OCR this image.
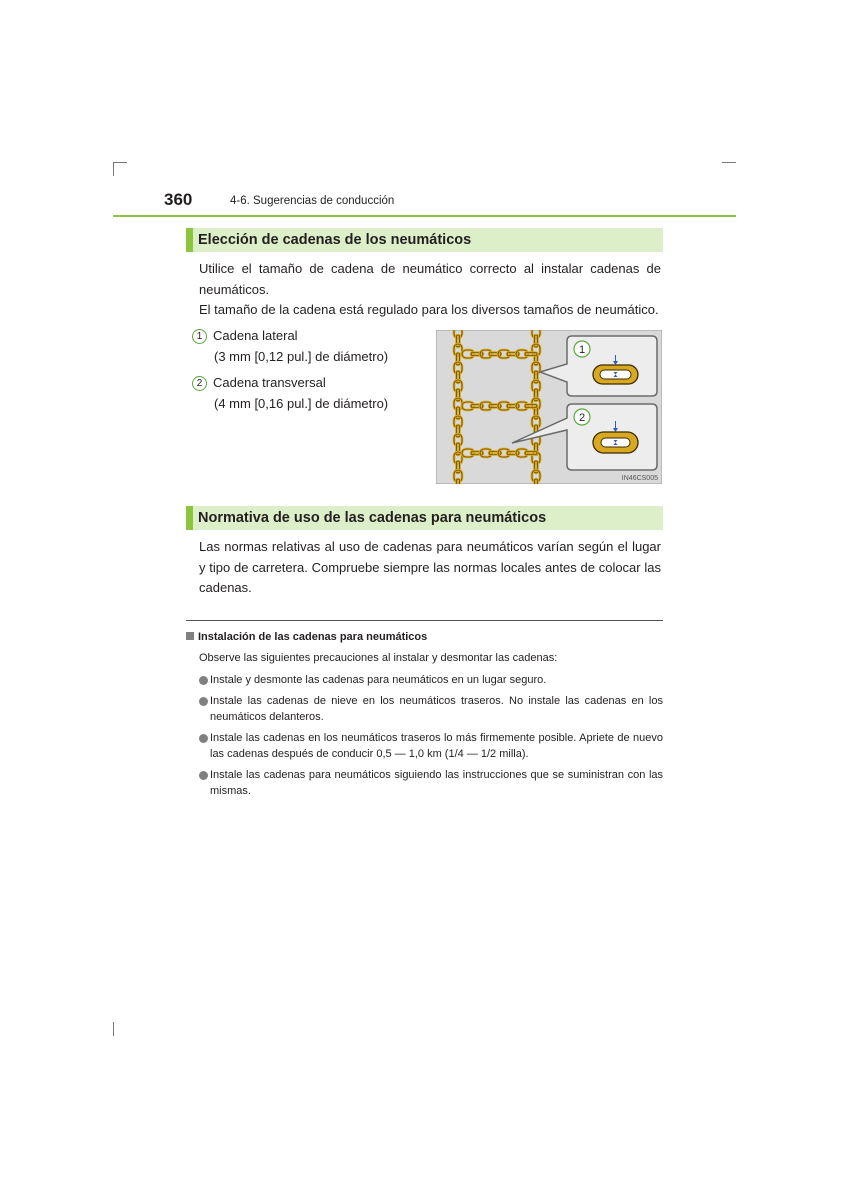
360	4-6. Sugerencias de conducción
Elección de cadenas de los neumáticos

Utilice el tamaño de cadena de neumático correcto al instalar cadenas de neumáticos.

El tamaño de la cadena está regulado para los diversos tamaños de neumático.

1 Cadena lateral
(3 mm [0,12 pul.] de diámetro)
2 Cadena transversal
(4 mm [0,16 pul.] de diámetro)
1
2
IN46CS005
Normativa de uso de las cadenas para neumáticos

Las normas relativas al uso de cadenas para neumáticos varían según el lugar y tipo de carretera. Compruebe siempre las normas locales antes de colocar las cadenas.

Instalación de las cadenas para neumáticos
Observe las siguientes precauciones al instalar y desmontar las cadenas:
Instale y desmonte las cadenas para neumáticos en un lugar seguro.
Instale las cadenas de nieve en los neumáticos traseros. No instale las cadenas en los neumáticos delanteros.
Instale las cadenas en los neumáticos traseros lo más firmemente posible. Apriete de nuevo las cadenas después de conducir 0,5 — 1,0 km (1/4 — 1/2 milla).
Instale las cadenas para neumáticos siguiendo las instrucciones que se suministran con las mismas.
